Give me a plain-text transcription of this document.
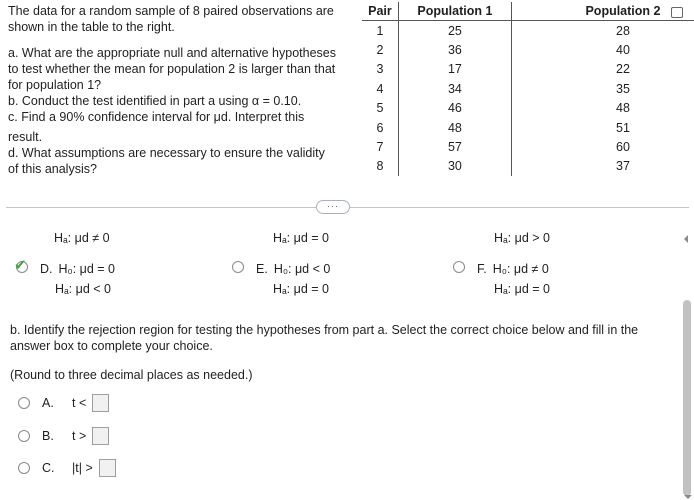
The data for a random sample of 8 paired observations are

shown in the table to the right.

a. What are the appropriate null and alternative hypotheses

to test whether the mean for population 2 is larger than that

for population 1?

b. Conduct the test identified in part a using α = 0.10.

c. Find a 90% confidence interval for μd. Interpret this

result.

d. What assumptions are necessary to ensure the validity

of this analysis?

Pair	Population 1	Population 2
1	25	28
2	36	40
3	17	22
4	34	35
5	46	48
6	48	51
7	57	60
8	30	37
···
Hₐ: μd ≠ 0	Hₐ: μd = 0	Hₐ: μd > 0
✔ D. H₀: μd = 0
Hₐ: μd < 0
E. H₀: μd < 0
Hₐ: μd = 0
F. H₀: μd ≠ 0
Hₐ: μd = 0
b. Identify the rejection region for testing the hypotheses from part a. Select the correct choice below and fill in the answer box to complete your choice.
(Round to three decimal places as needed.)
A.	t <
B.	t >
C.	|t| >
